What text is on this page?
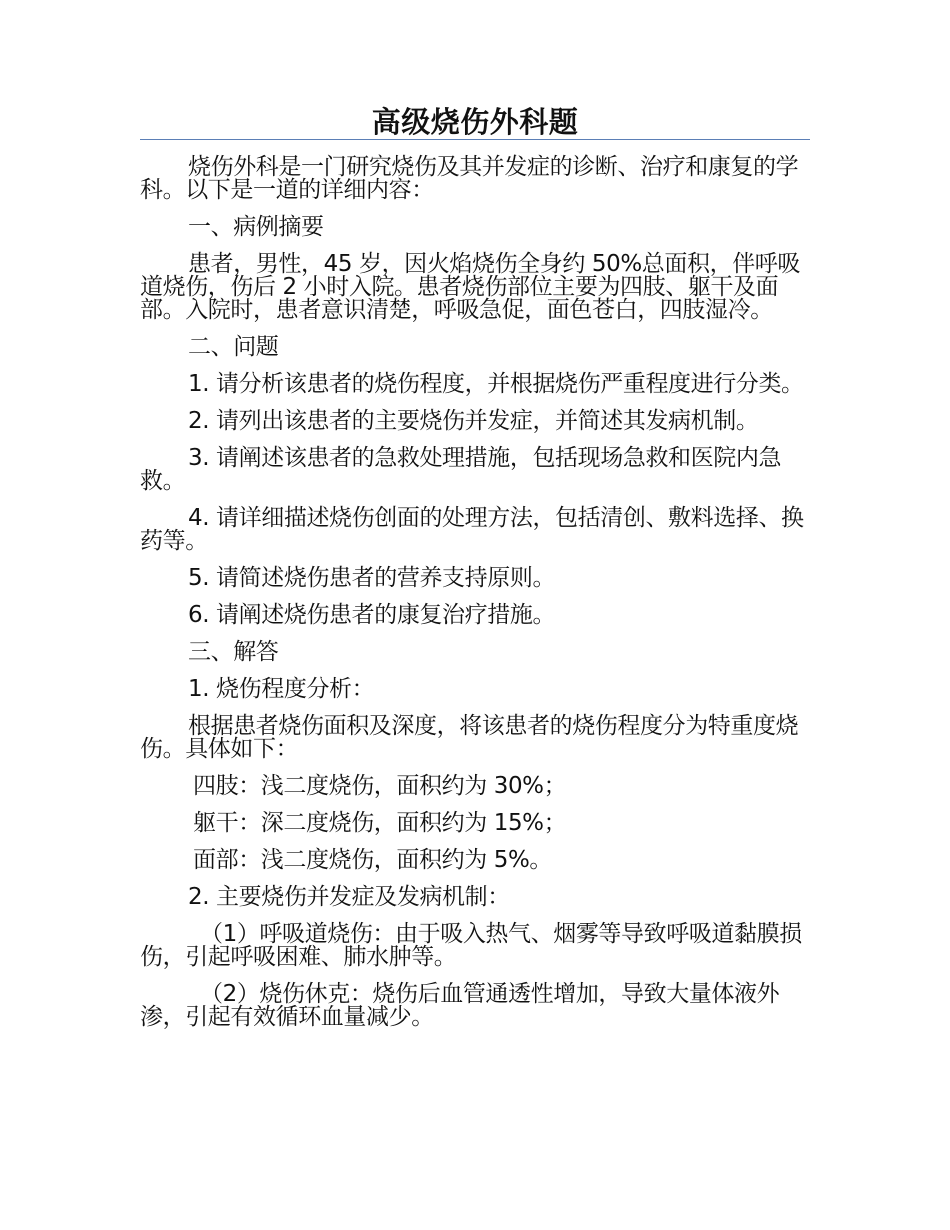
高级烧伤外科题

烧伤外科是一门研究烧伤及其并发症的诊断、治疗和康复的学科。以下是一道的详细内容：

一、病例摘要

患者，男性，45 岁，因火焰烧伤全身约 50%总面积，伴呼吸道烧伤，伤后 2 小时入院。患者烧伤部位主要为四肢、躯干及面部。入院时，患者意识清楚，呼吸急促，面色苍白，四肢湿冷。

二、问题

1. 请分析该患者的烧伤程度，并根据烧伤严重程度进行分类。

2. 请列出该患者的主要烧伤并发症，并简述其发病机制。

3. 请阐述该患者的急救处理措施，包括现场急救和医院内急救。

4. 请详细描述烧伤创面的处理方法，包括清创、敷料选择、换药等。

5. 请简述烧伤患者的营养支持原则。

6. 请阐述烧伤患者的康复治疗措施。

三、解答

1. 烧伤程度分析：

根据患者烧伤面积及深度，将该患者的烧伤程度分为特重度烧伤。具体如下：

四肢：浅二度烧伤，面积约为 30%；

躯干：深二度烧伤，面积约为 15%；

面部：浅二度烧伤，面积约为 5%。

2. 主要烧伤并发症及发病机制：

（1）呼吸道烧伤：由于吸入热气、烟雾等导致呼吸道黏膜损伤，引起呼吸困难、肺水肿等。

（2）烧伤休克：烧伤后血管通透性增加，导致大量体液外渗，引起有效循环血量减少。
